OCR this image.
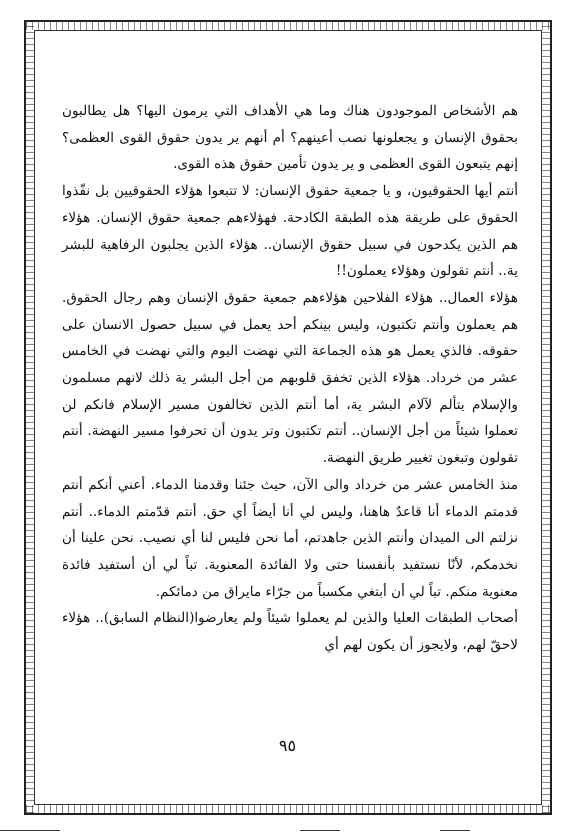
هم الأشخاص الموجودون هناك وما هي الأهداف التي يرمون اليها؟ هل يطالبون بحقوق الإنسان و يجعلونها نصب أعينهم؟ أم أنهم ير يدون حقوق القوى العظمى؟ إنهم يتبعون القوى العظمى و ير يدون تأمين حقوق هذه القوى.

أنتم أيها الحقوقيون، و يا جمعية حقوق الإنسان: لا تتبعوا هؤلاء الحقوقيين بل نفّذوا الحقوق على طريقة هذه الطبقة الكادحة. فهؤلاءهم جمعية حقوق الإنسان. هؤلاء هم الذين يكدحون في سبيل حقوق الإنسان.. هؤلاء الذين يجلبون الرفاهية للبشر ية.. أنتم تقولون وهؤلاء يعملون!!

هؤلاء العمال.. هؤلاء الفلاحين هؤلاءهم جمعية حقوق الإنسان وهم رجال الحقوق. هم يعملون وأنتم تكتبون، وليس بينكم أحد يعمل في سبيل حصول الانسان على حقوقه. فالذي يعمل هو هذه الجماعة التي نهضت اليوم والتي نهضت في الخامس عشر من خرداد. هؤلاء الذين تخفق قلوبهم من أجل البشر ية ذلك لانهم مسلمون والإسلام يتألم لآلام البشر ية، أما أنتم الذين تخالفون مسير الإسلام فانكم لن تعملوا شيئاً من أجل الإنسان.. أنتم تكتبون وتر يدون أن تحرفوا مسير النهضة. أنتم تقولون وتبغون تغيير طريق النهضة.

منذ الخامس عشر من خرداد والى الآن، حيث جئنا وقدمنا الدماء. أعني أنكم أنتم قدمتم الدماء أنا قاعدٌ هاهنا، وليس لي أنا أيضاً أي حق. أنتم قدّمتم الدماء.. أنتم نزلتم الى الميدان وأنتم الذين جاهدتم، أما نحن فليس لنا أي نصيب. نحن علينا أن نخدمكم، لأنّا نستفيد بأنفسنا حتى ولا الفائدة المعنوية. تباً لي أن أستفيد فائدة معنوية منكم. تباً لي أن أبتغي مكسباً من جرّاء مايراق من دمائكم.

أصحاب الطبقات العليا والذين لم يعملوا شيئاً ولم يعارضوا(النظام السابق).. هؤلاء لاحقّ لهم، ولايجوز أن يكون لهم أي

٩٥
